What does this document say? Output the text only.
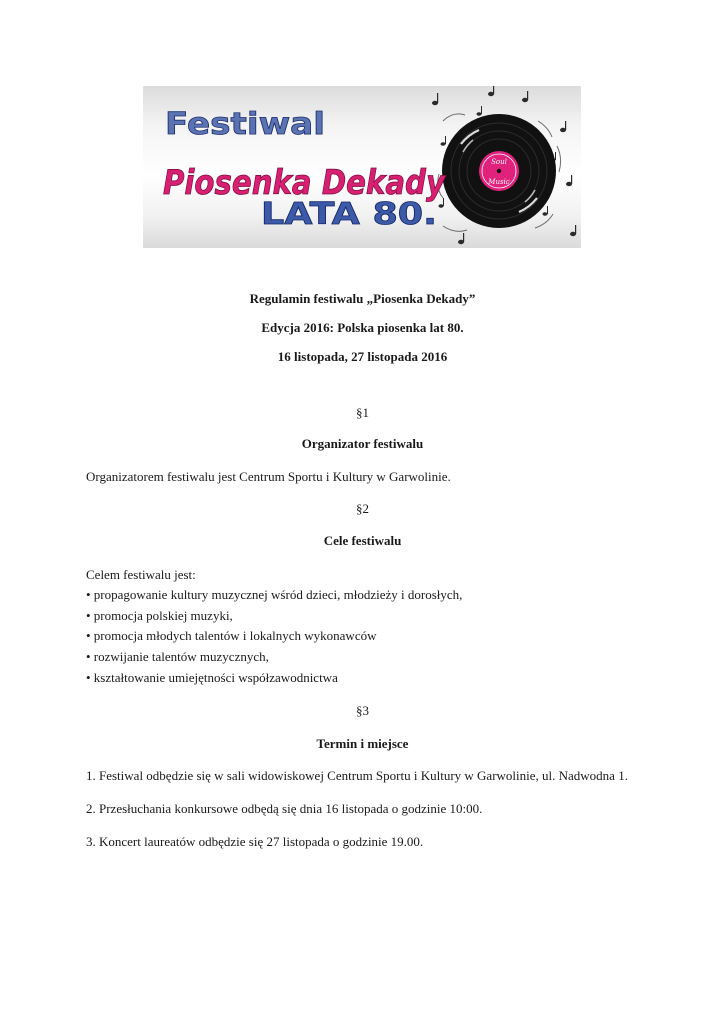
Soul
Music
Festiwal
Piosenka Dekady
LATA 80.
Regulamin festiwalu „Piosenka Dekady”
Edycja 2016: Polska piosenka lat 80.
16 listopada, 27 listopada 2016
§1
Organizator festiwalu
Organizatorem festiwalu jest Centrum Sportu i Kultury w Garwolinie.
§2
Cele festiwalu
Celem festiwalu jest:
• propagowanie kultury muzycznej wśród dzieci, młodzieży i dorosłych,
• promocja polskiej muzyki,
• promocja młodych talentów i lokalnych wykonawców
• rozwijanie talentów muzycznych,
• kształtowanie umiejętności współzawodnictwa
§3
Termin i miejsce
1. Festiwal odbędzie się w sali widowiskowej Centrum Sportu i Kultury w Garwolinie, ul. Nadwodna 1.
2. Przesłuchania konkursowe odbędą się dnia 16 listopada o godzinie 10:00.
3. Koncert laureatów odbędzie się 27 listopada o godzinie 19.00.
